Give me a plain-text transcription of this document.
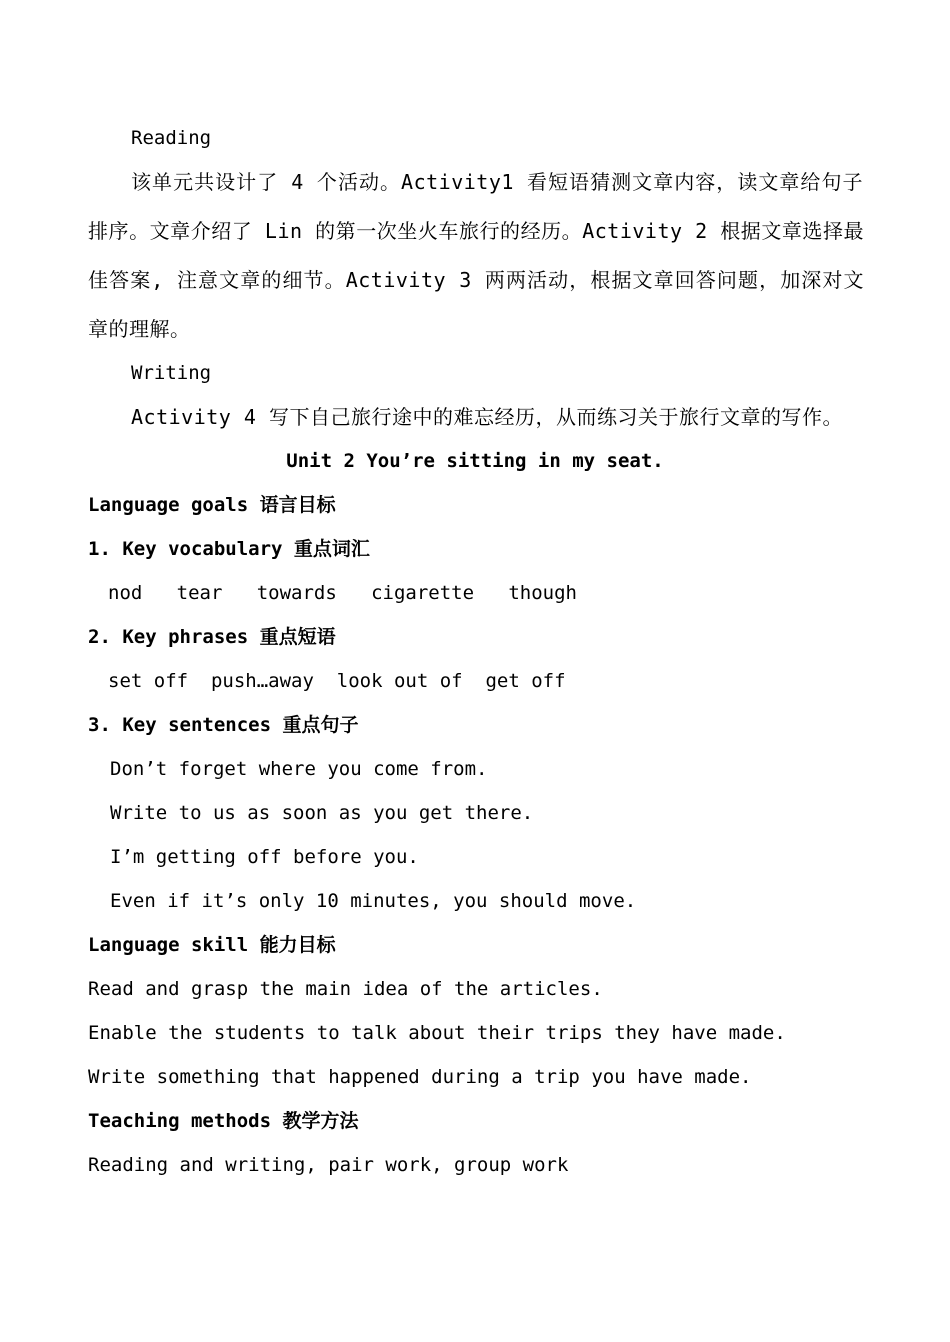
Reading
该单元共设计了 4 个活动。Activity1 看短语猜测文章内容，读文章给句子
排序。文章介绍了 Lin 的第一次坐火车旅行的经历。Activity 2 根据文章选择最
佳答案, 注意文章的细节。Activity 3 两两活动，根据文章回答问题，加深对文
章的理解。
Writing
Activity 4 写下自己旅行途中的难忘经历，从而练习关于旅行文章的写作。
Unit 2 You’re sitting in my seat.
Language goals 语言目标
1. Key vocabulary 重点词汇
nod   tear   towards   cigarette   though
2. Key phrases 重点短语
set off  push…away  look out of  get off
3. Key sentences 重点句子
Don’t forget where you come from.
Write to us as soon as you get there.
I’m getting off before you.
Even if it’s only 10 minutes, you should move.
Language skill 能力目标
Read and grasp the main idea of the articles.
Enable the students to talk about their trips they have made.
Write something that happened during a trip you have made.
Teaching methods 教学方法
Reading and writing, pair work, group work
